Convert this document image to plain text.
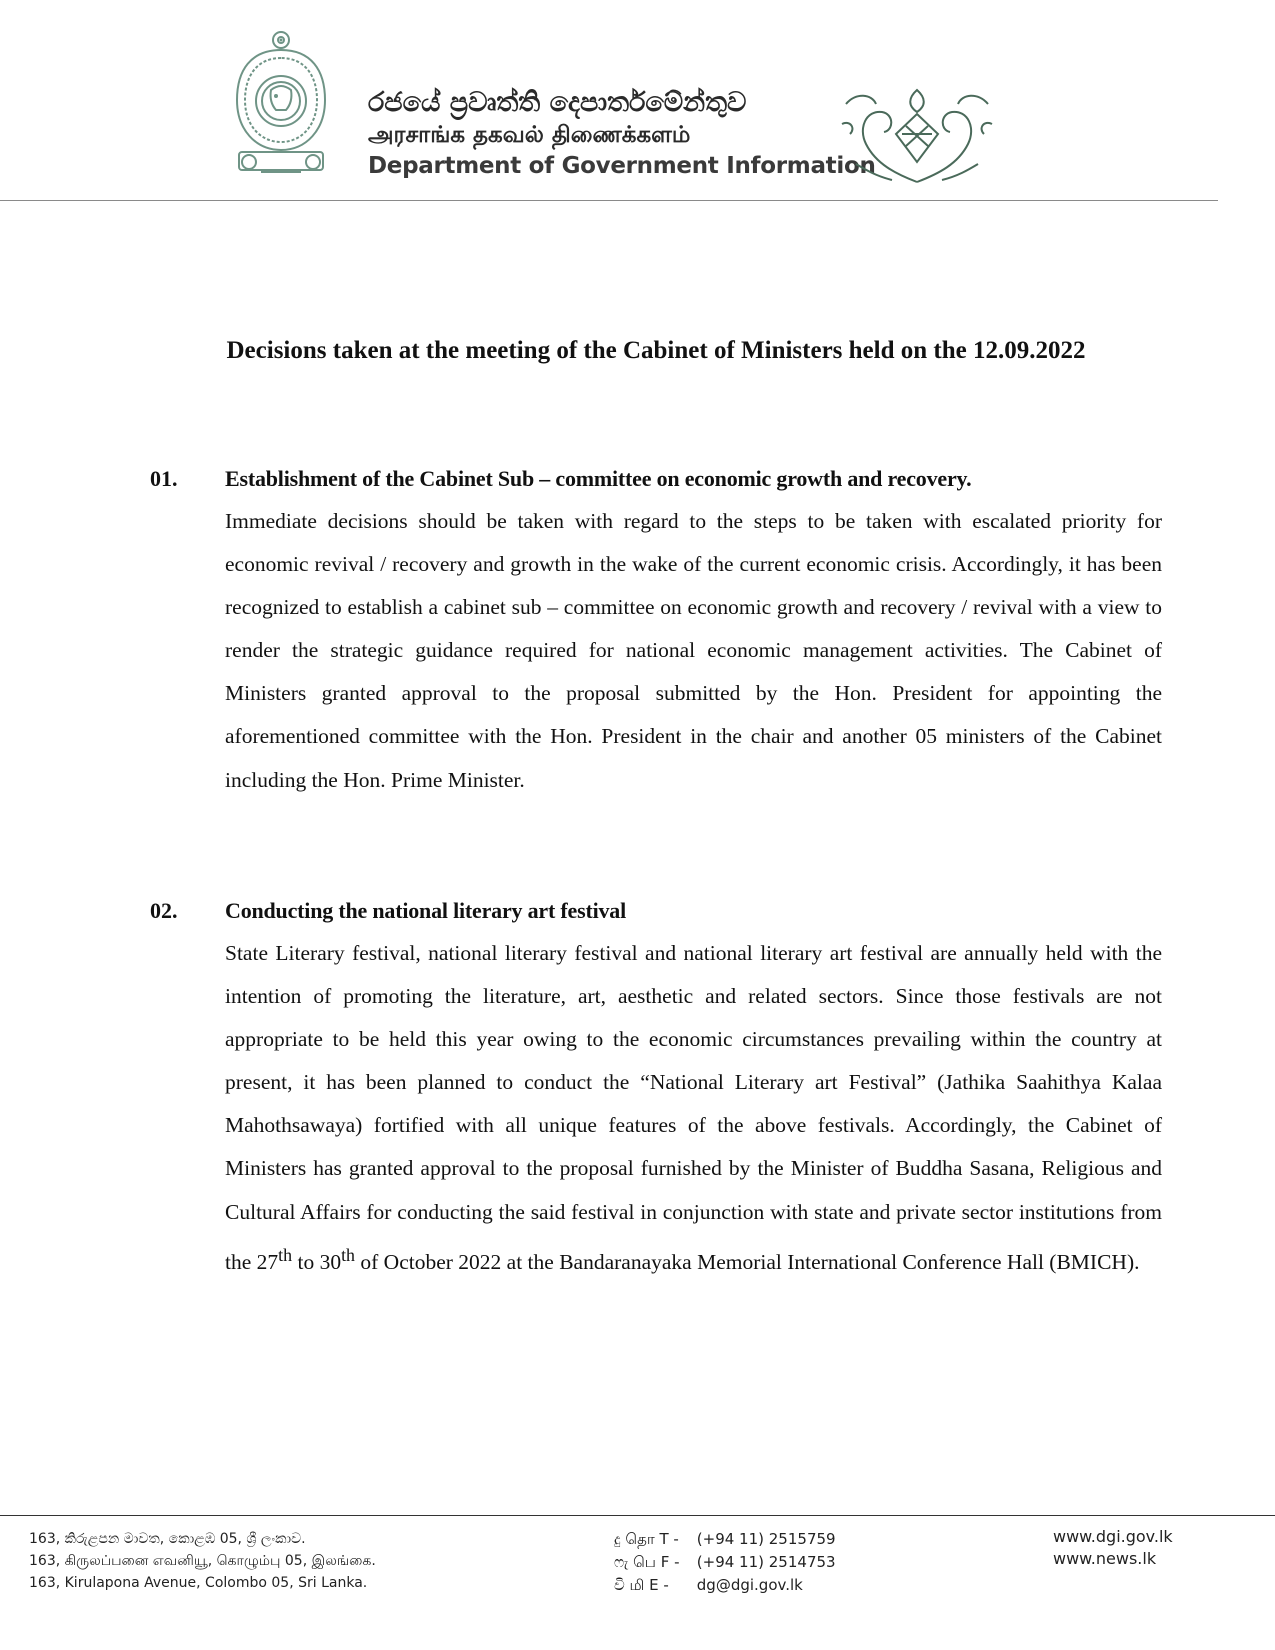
රජයේ ප්‍රවෘත්ති දෙපාර්තමේන්තුව
அரசாங்க தகவல் திணைக்களம்
Department of Government Information
Decisions taken at the meeting of the Cabinet of Ministers held on the 12.09.2022
01. Establishment of the Cabinet Sub – committee on economic growth and recovery.
Immediate decisions should be taken with regard to the steps to be taken with escalated priority for economic revival / recovery and growth in the wake of the current economic crisis. Accordingly, it has been recognized to establish a cabinet sub – committee on economic growth and recovery / revival with a view to render the strategic guidance required for national economic management activities. The Cabinet of Ministers granted approval to the proposal submitted by the Hon. President for appointing the aforementioned committee with the Hon. President in the chair and another 05 ministers of the Cabinet including the Hon. Prime Minister.
02. Conducting the national literary art festival
State Literary festival, national literary festival and national literary art festival are annually held with the intention of promoting the literature, art, aesthetic and related sectors. Since those festivals are not appropriate to be held this year owing to the economic circumstances prevailing within the country at present, it has been planned to conduct the “National Literary art Festival” (Jathika Saahithya Kalaa Mahothsawaya) fortified with all unique features of the above festivals. Accordingly, the Cabinet of Ministers has granted approval to the proposal furnished by the Minister of Buddha Sasana, Religious and Cultural Affairs for conducting the said festival in conjunction with state and private sector institutions from the 27th to 30th of October 2022 at the Bandaranayaka Memorial International Conference Hall (BMICH).
163, කිරුළපන මාවත, කොළඹ 05, ශ්‍රී ලංකාව.
163, கிருலப்பனை எவனியூ, கொழும்பு 05, இலங்கை.
163, Kirulapona Avenue, Colombo 05, Sri Lanka.
දු தொ T - (+94 11) 2515759
ෆැ பெ F - (+94 11) 2514753
වි மி E - dg@dgi.gov.lk
www.dgi.gov.lk
www.news.lk
